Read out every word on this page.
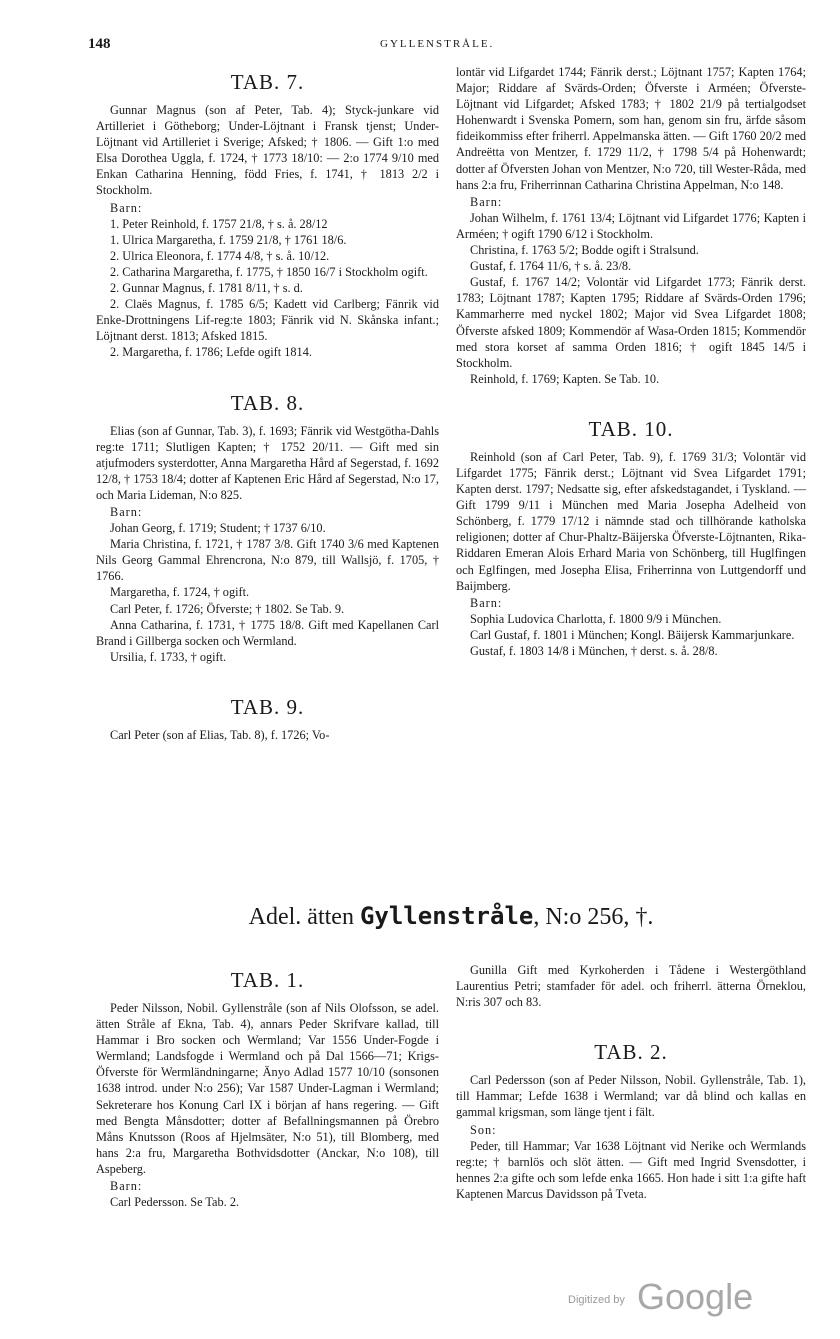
148	GYLLENSTRÅLE.
TAB. 7.

Gunnar Magnus (son af Peter, Tab. 4); Styck-junkare vid Artilleriet i Götheborg; Under-Löjtnant i Fransk tjenst; Under-Löjtnant vid Artilleriet i Sverige; Afsked; † 1806. — Gift 1:o med Elsa Dorothea Uggla, f. 1724, † 1773 18/10: — 2:o 1774 9/10 med Enkan Catharina Henning, född Fries, f. 1741, † 1813 2/2 i Stockholm.

Barn:

1. Peter Reinhold, f. 1757 21/8, † s. å. 28/12

1. Ulrica Margaretha, f. 1759 21/8, † 1761 18/6.

2. Ulrica Eleonora, f. 1774 4/8, † s. å. 10/12.

2. Catharina Margaretha, f. 1775, † 1850 16/7 i Stockholm ogift.

2. Gunnar Magnus, f. 1781 8/11, † s. d.

2. Claës Magnus, f. 1785 6/5; Kadett vid Carlberg; Fänrik vid Enke-Drottningens Lif-reg:te 1803; Fänrik vid N. Skånska infant.; Löjtnant derst. 1813; Afsked 1815.

2. Margaretha, f. 1786; Lefde ogift 1814.

TAB. 8.

Elias (son af Gunnar, Tab. 3), f. 1693; Fänrik vid Westgötha-Dahls reg:te 1711; Slutligen Kapten; † 1752 20/11. — Gift med sin atjufmoders systerdotter, Anna Margaretha Hård af Segerstad, f. 1692 12/8, † 1753 18/4; dotter af Kaptenen Eric Hård af Segerstad, N:o 17, och Maria Lideman, N:o 825.

Barn:

Johan Georg, f. 1719; Student; † 1737 6/10.

Maria Christina, f. 1721, † 1787 3/8. Gift 1740 3/6 med Kaptenen Nils Georg Gammal Ehrencrona, N:o 879, till Wallsjö, f. 1705, † 1766.

Margaretha, f. 1724, † ogift.

Carl Peter, f. 1726; Öfverste; † 1802. Se Tab. 9.

Anna Catharina, f. 1731, † 1775 18/8. Gift med Kapellanen Carl Brand i Gillberga socken och Wermland.

Ursilia, f. 1733, † ogift.

TAB. 9.

Carl Peter (son af Elias, Tab. 8), f. 1726; Vo-

lontär vid Lifgardet 1744; Fänrik derst.; Löjtnant 1757; Kapten 1764; Major; Riddare af Svärds-Orden; Öfverste i Arméen; Öfverste-Löjtnant vid Lifgardet; Afsked 1783; † 1802 21/9 på tertialgodset Hohenwardt i Svenska Pomern, som han, genom sin fru, ärfde såsom fideikommiss efter friherrl. Appelmanska ätten. — Gift 1760 20/2 med Andreëtta von Mentzer, f. 1729 11/2, † 1798 5/4 på Hohenwardt; dotter af Öfversten Johan von Mentzer, N:o 720, till Wester-Råda, med hans 2:a fru, Friherrinnan Catharina Christina Appelman, N:o 148.

Barn:

Johan Wilhelm, f. 1761 13/4; Löjtnant vid Lifgardet 1776; Kapten i Arméen; † ogift 1790 6/12 i Stockholm.

Christina, f. 1763 5/2; Bodde ogift i Stralsund.

Gustaf, f. 1764 11/6, † s. å. 23/8.

Gustaf, f. 1767 14/2; Volontär vid Lifgardet 1773; Fänrik derst. 1783; Löjtnant 1787; Kapten 1795; Riddare af Svärds-Orden 1796; Kammarherre med nyckel 1802; Major vid Svea Lifgardet 1808; Öfverste afsked 1809; Kommendör af Wasa-Orden 1815; Kommendör med stora korset af samma Orden 1816; † ogift 1845 14/5 i Stockholm.

Reinhold, f. 1769; Kapten. Se Tab. 10.

TAB. 10.

Reinhold (son af Carl Peter, Tab. 9), f. 1769 31/3; Volontär vid Lifgardet 1775; Fänrik derst.; Löjtnant vid Svea Lifgardet 1791; Kapten derst. 1797; Nedsatte sig, efter afskedstagandet, i Tyskland. — Gift 1799 9/11 i München med Maria Josepha Adelheid von Schönberg, f. 1779 17/12 i nämnde stad och tillhörande katholska religionen; dotter af Chur-Phaltz-Bäijerska Öfverste-Löjtnanten, Rika-Riddaren Emeran Alois Erhard Maria von Schönberg, till Huglfingen och Eglfingen, med Josepha Elisa, Friherrinna von Luttgendorff und Baijmberg.

Barn:

Sophia Ludovica Charlotta, f. 1800 9/9 i München.

Carl Gustaf, f. 1801 i München; Kongl. Bäijersk Kammarjunkare.

Gustaf, f. 1803 14/8 i München, † derst. s. å. 28/8.

Adel. ätten Gyllenstråle, N:o 256, †.
TAB. 1.

Peder Nilsson, Nobil. Gyllenstråle (son af Nils Olofsson, se adel. ätten Stråle af Ekna, Tab. 4), annars Peder Skrifvare kallad, till Hammar i Bro socken och Wermland; Var 1556 Under-Fogde i Wermland; Landsfogde i Wermland och på Dal 1566—71; Krigs-Öfverste för Wermländningarne; Änyo Adlad 1577 10/10 (sonsonen 1638 introd. under N:o 256); Var 1587 Under-Lagman i Wermland; Sekreterare hos Konung Carl IX i början af hans regering. — Gift med Bengta Månsdotter; dotter af Befallningsmannen på Örebro Måns Knutsson (Roos af Hjelmsäter, N:o 51), till Blomberg, med hans 2:a fru, Margaretha Bothvidsdotter (Anckar, N:o 108), till Aspeberg.

Barn:

Carl Pedersson. Se Tab. 2.

Gunilla Gift med Kyrkoherden i Tådene i Westergöthland Laurentius Petri; stamfader för adel. och friherrl. ätterna Örneklou, N:ris 307 och 83.

TAB. 2.

Carl Pedersson (son af Peder Nilsson, Nobil. Gyllenstråle, Tab. 1), till Hammar; Lefde 1638 i Wermland; var då blind och kallas en gammal krigsman, som länge tjent i fält.

Son:

Peder, till Hammar; Var 1638 Löjtnant vid Nerike och Wermlands reg:te; † barnlös och slöt ätten. — Gift med Ingrid Svensdotter, i hennes 2:a gifte och som lefde enka 1665. Hon hade i sitt 1:a gifte haft Kaptenen Marcus Davidsson på Tveta.

Digitized by Google
